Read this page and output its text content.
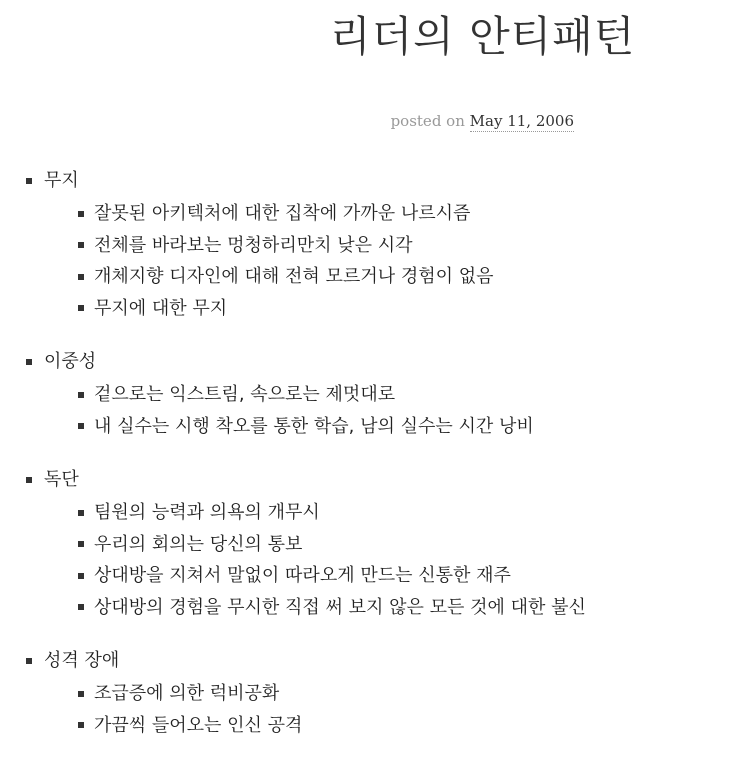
리더의 안티패턴
posted on May 11, 2006
무지
잘못된 아키텍처에 대한 집착에 가까운 나르시즘
전체를 바라보는 멍청하리만치 낮은 시각
개체지향 디자인에 대해 전혀 모르거나 경험이 없음
무지에 대한 무지
이중성
겉으로는 익스트림, 속으로는 제멋대로
내 실수는 시행 착오를 통한 학습, 남의 실수는 시간 낭비
독단
팀원의 능력과 의욕의 개무시
우리의 회의는 당신의 통보
상대방을 지쳐서 말없이 따라오게 만드는 신통한 재주
상대방의 경험을 무시한 직접 써 보지 않은 모든 것에 대한 불신
성격 장애
조급증에 의한 럭비공화
가끔씩 들어오는 인신 공격
